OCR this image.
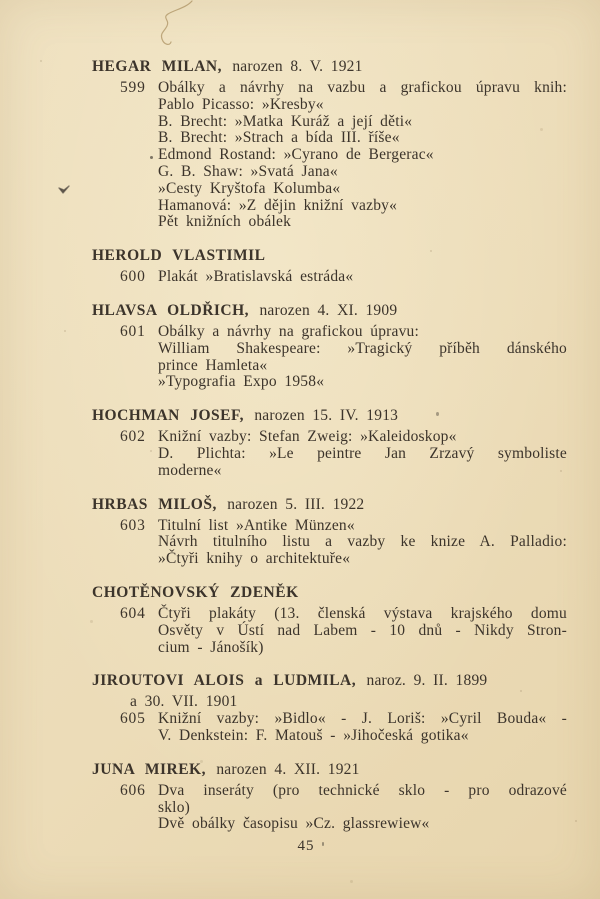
HEGAR MILAN, narozen 8. V. 1921
599 Obálky a návrhy na vazbu a grafickou úpravu knih:
Pablo Picasso: »Kresby«
B. Brecht: »Matka Kuráž a její děti«
B. Brecht: »Strach a bída III. říše«
Edmond Rostand: »Cyrano de Bergerac«
G. B. Shaw: »Svatá Jana«
»Cesty Kryštofa Kolumba«
Hamanová: »Z dějin knižní vazby«
Pět knižních obálek
HEROLD VLASTIMIL
600 Plakát »Bratislavská estráda«
HLAVSA OLDŘICH, narozen 4. XI. 1909
601 Obálky a návrhy na grafickou úpravu:
William Shakespeare: »Tragický příběh dánského
prince Hamleta«
»Typografia Expo 1958«
HOCHMAN JOSEF, narozen 15. IV. 1913
602 Knižní vazby: Stefan Zweig: »Kaleidoskop«
D. Plichta: »Le peintre Jan Zrzavý symboliste
moderne«
HRBAS MILOŠ, narozen 5. III. 1922
603 Titulní list »Antike Münzen«
Návrh titulního listu a vazby ke knize A. Palladio:
»Čtyři knihy o architektuře«
CHOTĚNOVSKÝ ZDENĚK
604 Čtyři plakáty (13. členská výstava krajského domu
Osvěty v Ústí nad Labem - 10 dnů - Nikdy Stron-
cium - Jánošík)
JIROUTOVI ALOIS a LUDMILA, naroz. 9. II. 1899
a 30. VII. 1901
605 Knižní vazby: »Bidlo« - J. Loriš: »Cyril Bouda« -
V. Denkstein: F. Matouš - »Jihočeská gotika«
JUNA MIREK, narozen 4. XII. 1921
606 Dva inseráty (pro technické sklo - pro odrazové
sklo)
Dvě obálky časopisu »Cz. glassrewiew«
45
